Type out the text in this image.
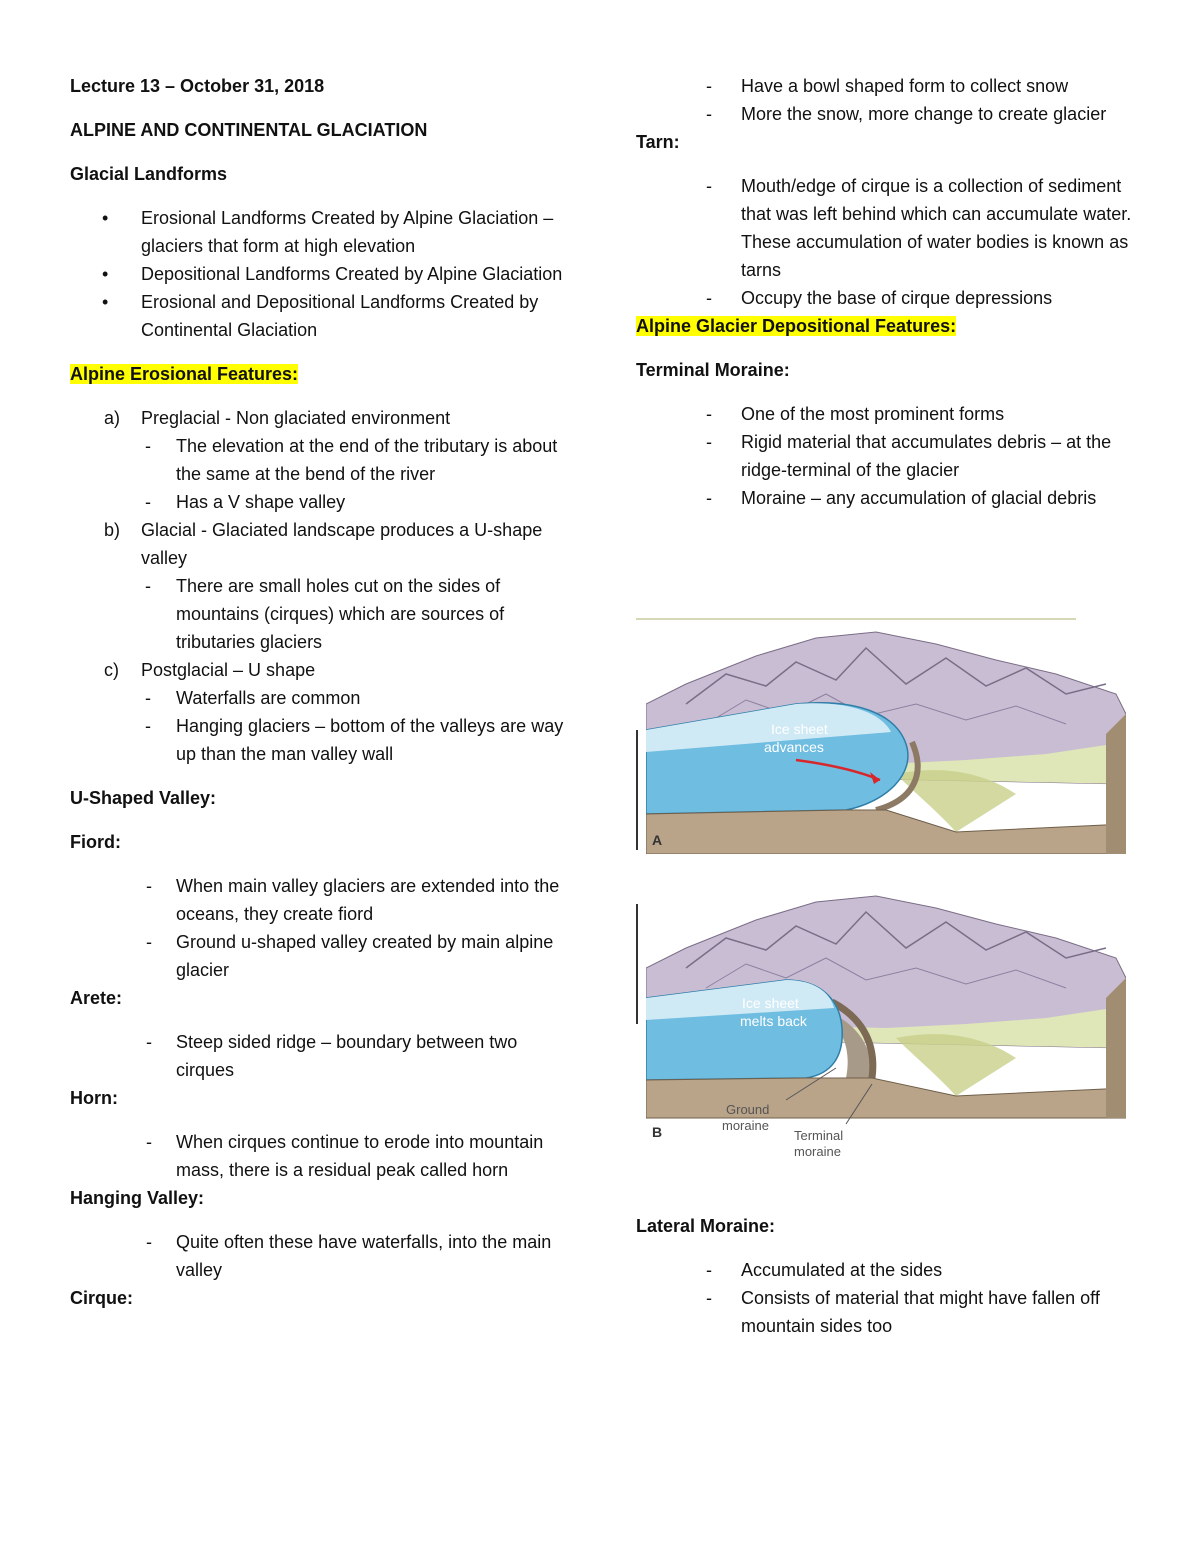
Lecture 13 – October 31, 2018

ALPINE AND CONTINENTAL GLACIATION

Glacial Landforms

• Erosional Landforms Created by Alpine Glaciation – glaciers that form at high elevation
• Depositional Landforms Created by Alpine Glaciation
• Erosional and Depositional Landforms Created by Continental Glaciation

Alpine Erosional Features:

a) Preglacial - Non glaciated environment
- The elevation at the end of the tributary is about the same at the bend of the river
- Has a V shape valley
b) Glacial - Glaciated landscape produces a U-shape valley
- There are small holes cut on the sides of mountains (cirques) which are sources of tributaries glaciers
c) Postglacial – U shape
- Waterfalls are common
- Hanging glaciers – bottom of the valleys are way up than the man valley wall

U-Shaped Valley:

Fiord:

- When main valley glaciers are extended into the oceans, they create fiord
- Ground u-shaped valley created by main alpine glacier

Arete:

- Steep sided ridge – boundary between two cirques

Horn:

- When cirques continue to erode into mountain mass, there is a residual peak called horn

Hanging Valley:

- Quite often these have waterfalls, into the main valley

Cirque:

- Have a bowl shaped form to collect snow
- More the snow, more change to create glacier

Tarn:

- Mouth/edge of cirque is a collection of sediment that was left behind which can accumulate water. These accumulation of water bodies is known as tarns
- Occupy the base of cirque depressions

Alpine Glacier Depositional Features:

Terminal Moraine:

- One of the most prominent forms
- Rigid material that accumulates debris – at the ridge-terminal of the glacier
- Moraine – any accumulation of glacial debris
Ice sheet
advances
A
Ice sheet
melts back
Ground
moraine
Terminal
moraine
B

Lateral Moraine:

- Accumulated at the sides
- Consists of material that might have fallen off mountain sides too
